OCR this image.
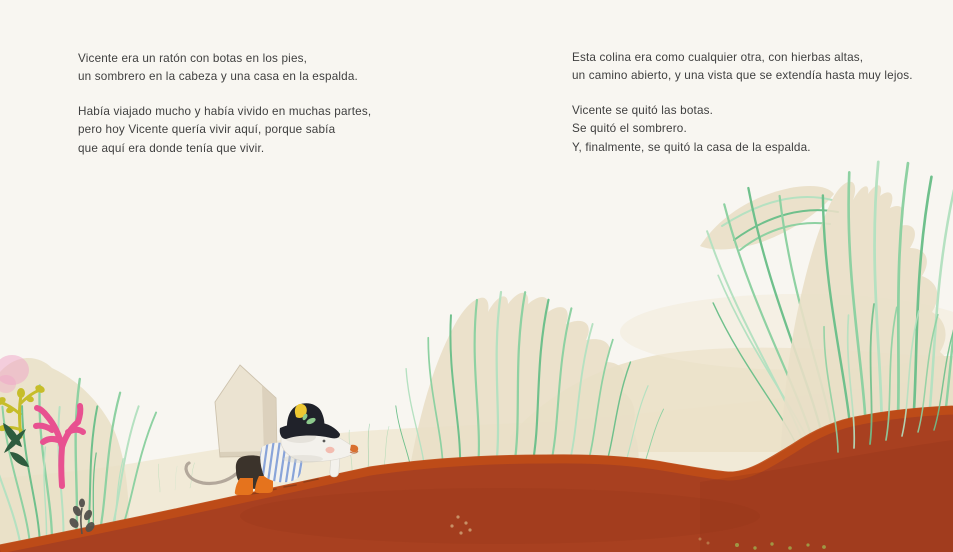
Vicente era un ratón con botas en los pies,
un sombrero en la cabeza y una casa en la espalda.
Había viajado mucho y había vivido en muchas partes,
pero hoy Vicente quería vivir aquí, porque sabía
que aquí era donde tenía que vivir.
Esta colina era como cualquier otra, con hierbas altas,
un camino abierto, y una vista que se extendía hasta muy lejos.
Vicente se quitó las botas.
Se quitó el sombrero.
Y, finalmente, se quitó la casa de la espalda.
